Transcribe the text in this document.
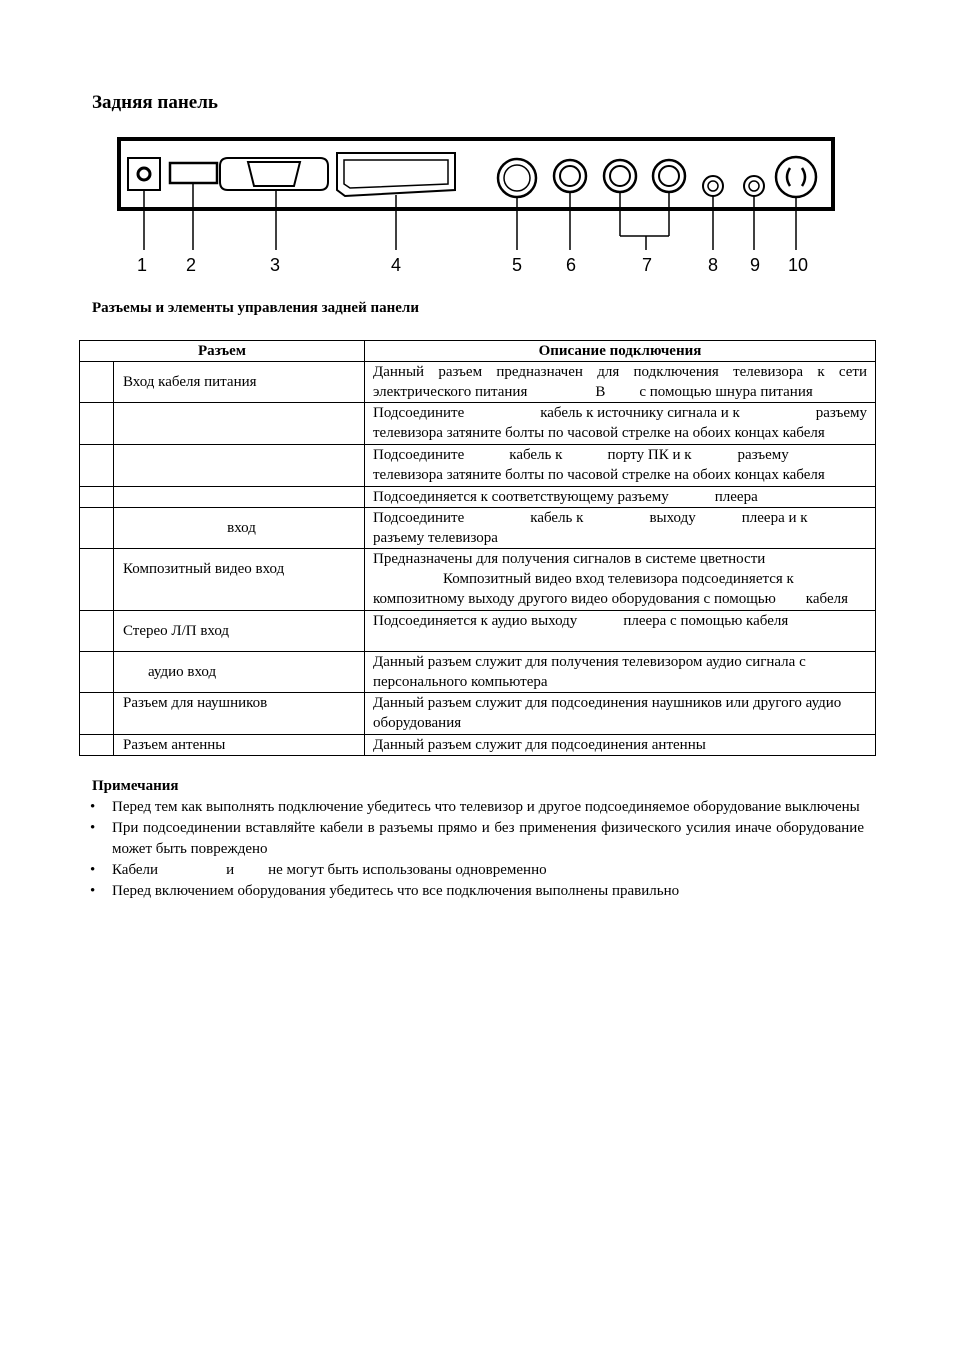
Задняя панель
1 2	3	4	5 6	7	8 9 10
Разъемы и элементы управления задней панели
Разъем		Описание подключения
	Вход кабеля питания	Данный разъем предназначен для подключения телевизора к сети
электрического питания В с помощью шнура питания

		Подсоедините кабель к источнику сигнала и к разъему
телевизора затяните болты по часовой стрелке на обоих концах кабеля

		Подсоедините кабель к порту ПК и к разъему
телевизора затяните болты по часовой стрелке на обоих концах кабеля

		Подсоединяется к соответствующему разъему плеера

	вход	Подсоедините кабель к выходу плеера и к
разъему телевизора

	Композитный видео вход	Предназначены для получения сигналов в системе цветности
Композитный видео вход телевизора подсоединяется к
композитному выходу другого видео оборудования с помощью кабеля

	Стерео Л/П вход	Подсоединяется к аудио выходу плеера с помощью кабеля

	аудио вход	Данный разъем служит для получения телевизором аудио сигнала с персонального компьютера
	Разъем для наушников	Данный разъем служит для подсоединения наушников или другого аудио оборудования
	Разъем антенны	Данный разъем служит для подсоединения антенны
Примечания
• Перед тем как выполнять подключение убедитесь что телевизор и другое подсоединяемое оборудование выключены
• При подсоединении вставляйте кабели в разъемы прямо и без применения физического усилия иначе оборудование может быть повреждено
• Кабели	и не могут быть использованы одновременно
• Перед включением оборудования убедитесь что все подключения выполнены правильно
